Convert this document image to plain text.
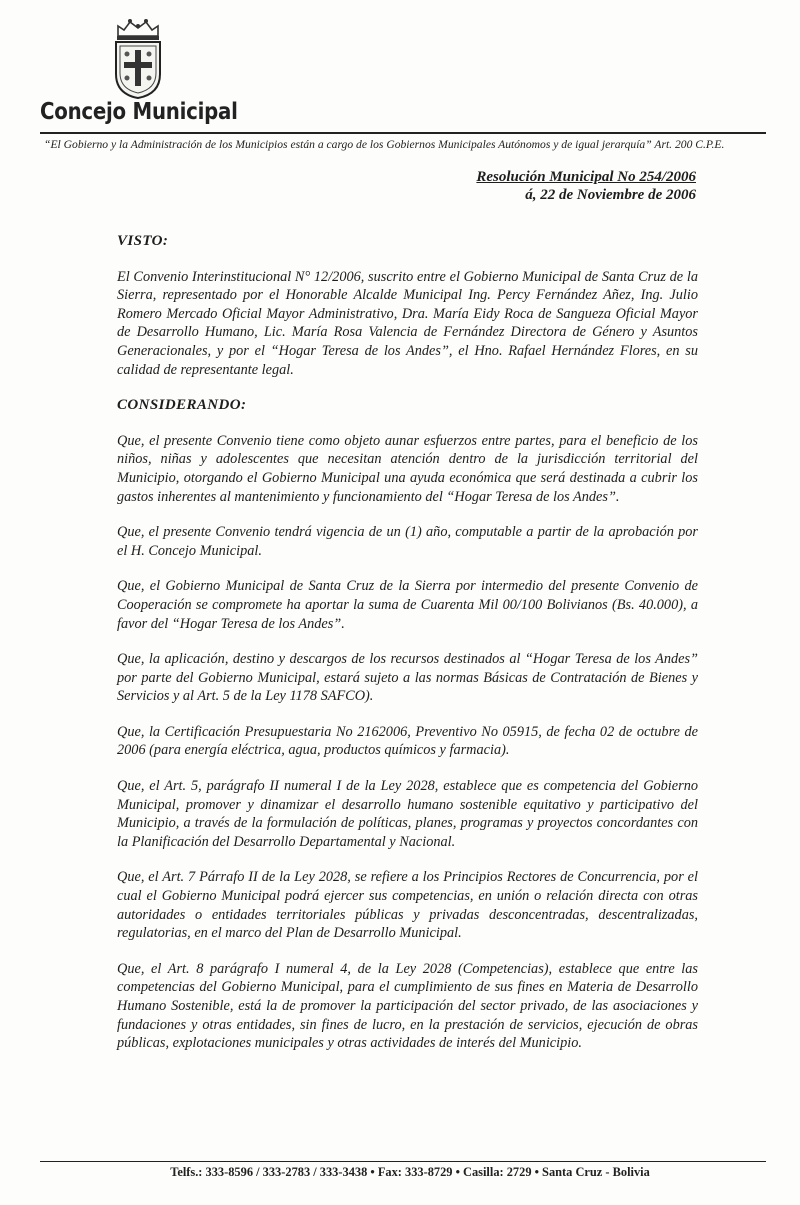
Concejo Municipal
“El Gobierno y la Administración de los Municipios están a cargo de los Gobiernos Municipales Autónomos y de igual jerarquía” Art. 200 C.P.E.
Resolución Municipal No 254/2006
á, 22 de Noviembre de 2006
VISTO:

El Convenio Interinstitucional N° 12/2006, suscrito entre el Gobierno Municipal de Santa Cruz de la Sierra, representado por el Honorable Alcalde Municipal Ing. Percy Fernández Añez, Ing. Julio Romero Mercado Oficial Mayor Administrativo, Dra. María Eidy Roca de Sangueza Oficial Mayor de Desarrollo Humano, Lic. María Rosa Valencia de Fernández Directora de Género y Asuntos Generacionales, y por el “Hogar Teresa de los Andes”, el Hno. Rafael Hernández Flores, en su calidad de representante legal.

CONSIDERANDO:

Que, el presente Convenio tiene como objeto aunar esfuerzos entre partes, para el beneficio de los niños, niñas y adolescentes que necesitan atención dentro de la jurisdicción territorial del Municipio, otorgando el Gobierno Municipal una ayuda económica que será destinada a cubrir los gastos inherentes al mantenimiento y funcionamiento del “Hogar Teresa de los Andes”.

Que, el presente Convenio tendrá vigencia de un (1) año, computable a partir de la aprobación por el H. Concejo Municipal.

Que, el Gobierno Municipal de Santa Cruz de la Sierra por intermedio del presente Convenio de Cooperación se compromete ha aportar la suma de Cuarenta Mil 00/100 Bolivianos (Bs. 40.000), a favor del “Hogar Teresa de los Andes”.

Que, la aplicación, destino y descargos de los recursos destinados al “Hogar Teresa de los Andes” por parte del Gobierno Municipal, estará sujeto a las normas Básicas de Contratación de Bienes y Servicios y al Art. 5 de la Ley 1178 SAFCO).

Que, la Certificación Presupuestaria No 2162006, Preventivo No 05915, de fecha 02 de octubre de 2006 (para energía eléctrica, agua, productos químicos y farmacia).

Que, el Art. 5, parágrafo II numeral I de la Ley 2028, establece que es competencia del Gobierno Municipal, promover y dinamizar el desarrollo humano sostenible equitativo y participativo del Municipio, a través de la formulación de políticas, planes, programas y proyectos concordantes con la Planificación del Desarrollo Departamental y Nacional.

Que, el Art. 7 Párrafo II de la Ley 2028, se refiere a los Principios Rectores de Concurrencia, por el cual el Gobierno Municipal podrá ejercer sus competencias, en unión o relación directa con otras autoridades o entidades territoriales públicas y privadas desconcentradas, descentralizadas, regulatorias, en el marco del Plan de Desarrollo Municipal.

Que, el Art. 8 parágrafo I numeral 4, de la Ley 2028 (Competencias), establece que entre las competencias del Gobierno Municipal, para el cumplimiento de sus fines en Materia de Desarrollo Humano Sostenible, está la de promover la participación del sector privado, de las asociaciones y fundaciones y otras entidades, sin fines de lucro, en la prestación de servicios, ejecución de obras públicas, explotaciones municipales y otras actividades de interés del Municipio.

Telfs.: 333-8596 / 333-2783 / 333-3438 • Fax: 333-8729 • Casilla: 2729 • Santa Cruz - Bolivia
